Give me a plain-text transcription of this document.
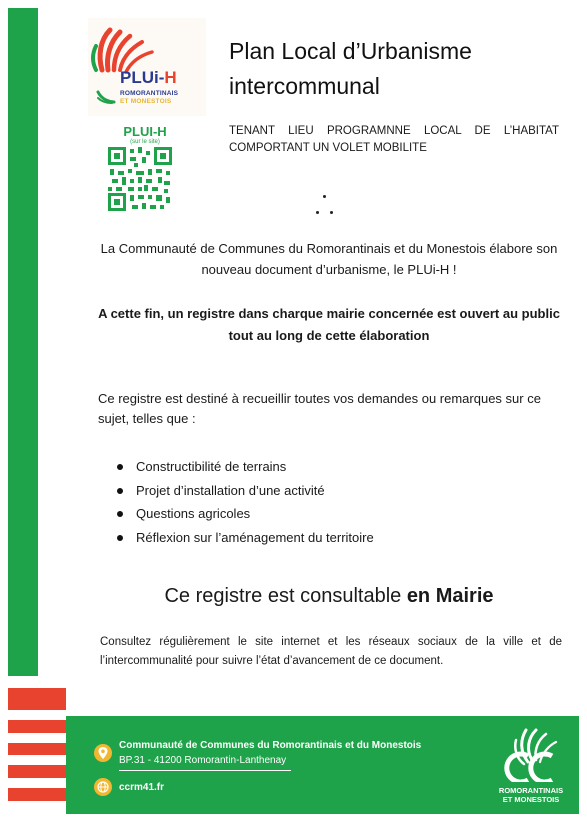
PLUi-H
ROMORANTINAIS
ET MONESTOIS
PLUI-H
(sur le site)
Plan Local d’Urbanisme
intercommunal
TENANT LIEU PROGRAMNNE LOCAL DE L’HABITAT COMPORTANT UN VOLET MOBILITE
La Communauté de Communes du Romorantinais et du Monestois élabore son nouveau document d’urbanisme, le PLUi-H !
A cette fin, un registre dans charque mairie concernée est ouvert au public tout au long de cette élaboration
Ce registre est destiné à recueillir toutes vos demandes ou remarques sur ce sujet, telles que :
Constructibilité de terrains
Projet d’installation d’une activité
Questions agricoles
Réflexion sur l’aménagement du territoire
Ce registre est consultable en Mairie
Consultez régulièrement le site internet et les réseaux sociaux de la ville et de l’intercommunalité pour suivre l’état d’avancement de ce document.
Communauté de Communes du Romorantinais et du Monestois
BP.31 - 41200 Romorantin-Lanthenay
ccrm41.fr	ROMORANTINAIS
ET MONESTOIS
